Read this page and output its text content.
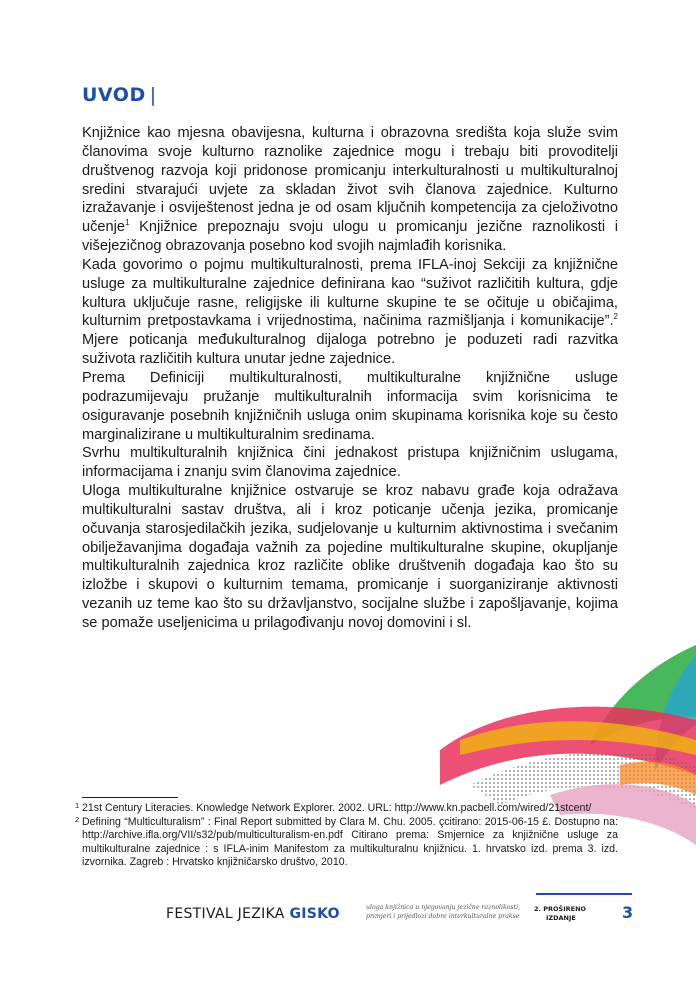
UVOD |

Knjižnice kao mjesna obavijesna, kulturna i obrazovna središta koja služe svim članovima svoje kulturno raznolike zajednice mogu i trebaju biti provoditelji društvenog razvoja koji pridonose promicanju interkulturalnosti u multikulturalnoj sredini stvarajući uvjete za skladan život svih članova zajednice. Kulturno izražavanje i osviještenost jedna je od osam ključnih kompetencija za cjeloživotno učenje$^1$ Knjižnice prepoznaju svoju ulogu u promicanju jezične raznolikosti i višejezičnog obrazovanja posebno kod svojih najmlađih korisnika.

Kada govorimo o pojmu multikulturalnosti, prema IFLA-inoj Sekciji za knjižnične usluge za multikulturalne zajednice definirana kao “suživot različitih kultura, gdje kultura uključuje rasne, religijske ili kulturne skupine te se očituje u običajima, kulturnim pretpostavkama i vrijednostima, načinima razmišljanja i komunikacije”.$^2$ Mjere poticanja međukulturalnog dijaloga potrebno je poduzeti radi razvitka suživota različitih kultura unutar jedne zajednice.

Prema Definiciji multikulturalnosti, multikulturalne knjižnične usluge podrazumijevaju pružanje multikulturalnih informacija svim korisnicima te osiguravanje posebnih knjižničnih usluga onim skupinama korisnika koje su često marginalizirane u multikulturalnim sredinama.

Svrhu multikulturalnih knjižnica čini jednakost pristupa knjižničnim uslugama, informacijama i znanju svim članovima zajednice.

Uloga multikulturalne knjižnice ostvaruje se kroz nabavu građe koja odražava multikulturalni sastav društva, ali i kroz poticanje učenja jezika, promicanje očuvanja starosjedilačkih jezika, sudjelovanje u kulturnim aktivnostima i svečanim obilježavanjima događaja važnih za pojedine multikulturalne skupine, okupljanje multikulturalnih zajednica kroz različite oblike društvenih događaja kao što su izložbe i skupovi o kulturnim temama, promicanje i suorganiziranje aktivnosti vezanih uz teme kao što su državljanstvo, socijalne službe i zapošljavanje, kojima se pomaže useljenicima u prilagođivanju novoj domovini i sl.

1 21st Century Literacies. Knowledge Network Explorer. 2002. URL: http://www.kn.pacbell.com/wired/21stcent/
2 Defining “Multiculturalism” : Final Report submitted by Clara M. Chu. 2005. çcitirano: 2015-06-15 £. Dostupno na: http://archive.ifla.org/VII/s32/pub/multiculturalism-en.pdf Citirano prema: Smjernice za knjižnične usluge za multikulturalne zajednice : s IFLA-inim Manifestom za multikulturalnu knjižnicu. 1. hrvatsko izd. prema 3. izd. izvornika. Zagreb : Hrvatsko knjižničarsko društvo, 2010.
FESTIVAL JEZIKA GISKO	uloga knjižnica u njegovanju jezične raznolikosti, primjeri i prijedlozi dobre interkulturalne prakse
2. PROŠIRENO
IZDANJE	3
